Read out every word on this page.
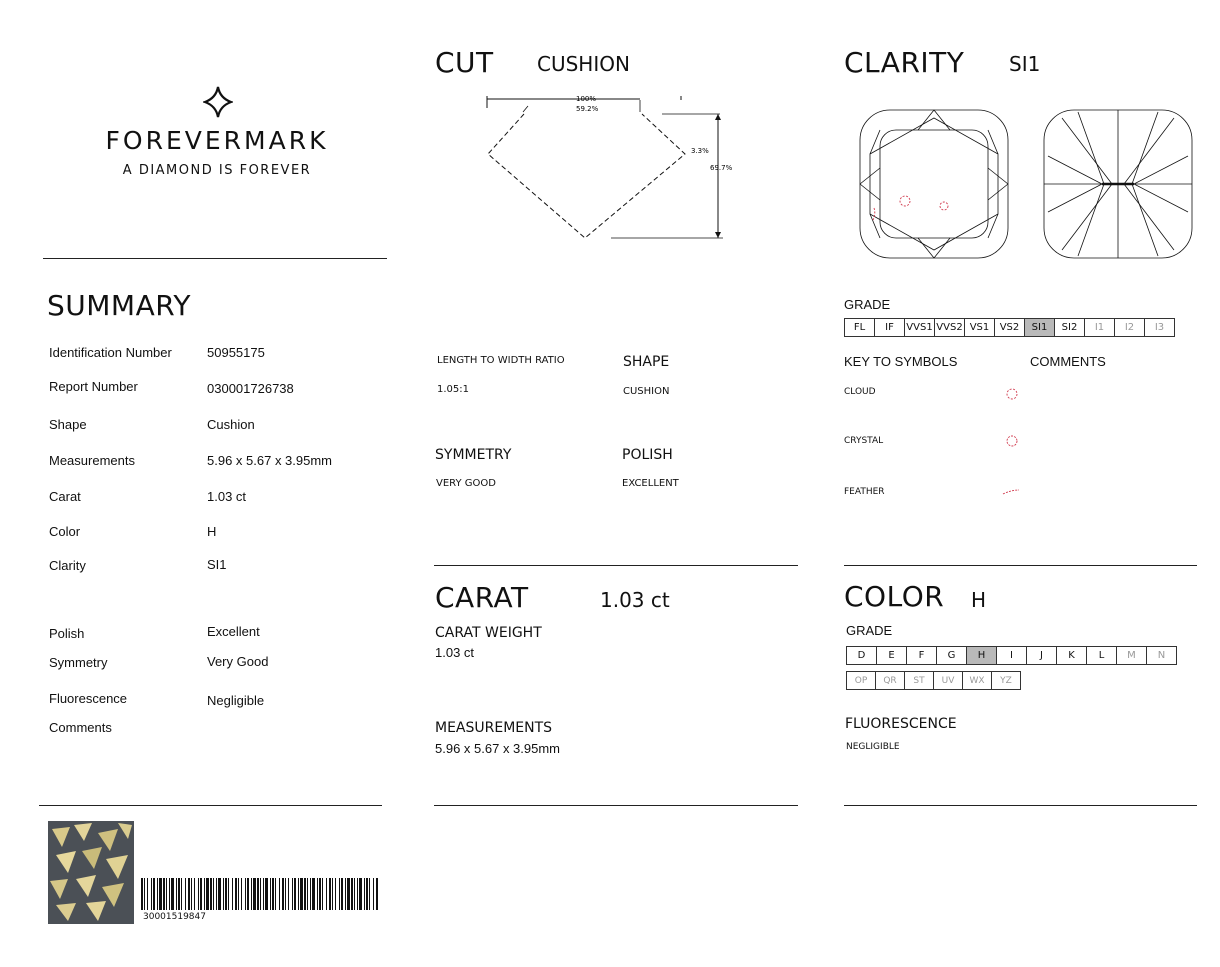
FOREVERMARK
A DIAMOND IS FOREVER
SUMMARY
Identification Number	50955175
Report Number	030001726738
Shape	Cushion
Measurements	5.96 x 5.67 x 3.95mm
Carat	1.03 ct
Color	H
Clarity	SI1
Polish	Excellent
Symmetry	Very Good
Fluorescence	Negligible
Comments
30001519847
CUT CUSHION
100%
59.2%
3.3%
69.7%
LENGTH TO WIDTH RATIO
1.05:1
SHAPE
CUSHION
SYMMETRY
VERY GOOD
POLISH
EXCELLENT
CARAT	1.03 ct
CARAT WEIGHT
1.03 ct
MEASUREMENTS
5.96 x 5.67 x 3.95mm
CLARITY SI1
GRADE
FL	IF	VVS1 VVS2 VS1	VS2	SI1	SI2	I1	I2	I3
KEY TO SYMBOLS	COMMENTS
CLOUD
CRYSTAL
FEATHER
COLOR H
GRADE
D	E	F	G	H	I	J	K	L	M	N
OP	QR	ST	UV	WX	YZ
FLUORESCENCE
NEGLIGIBLE
